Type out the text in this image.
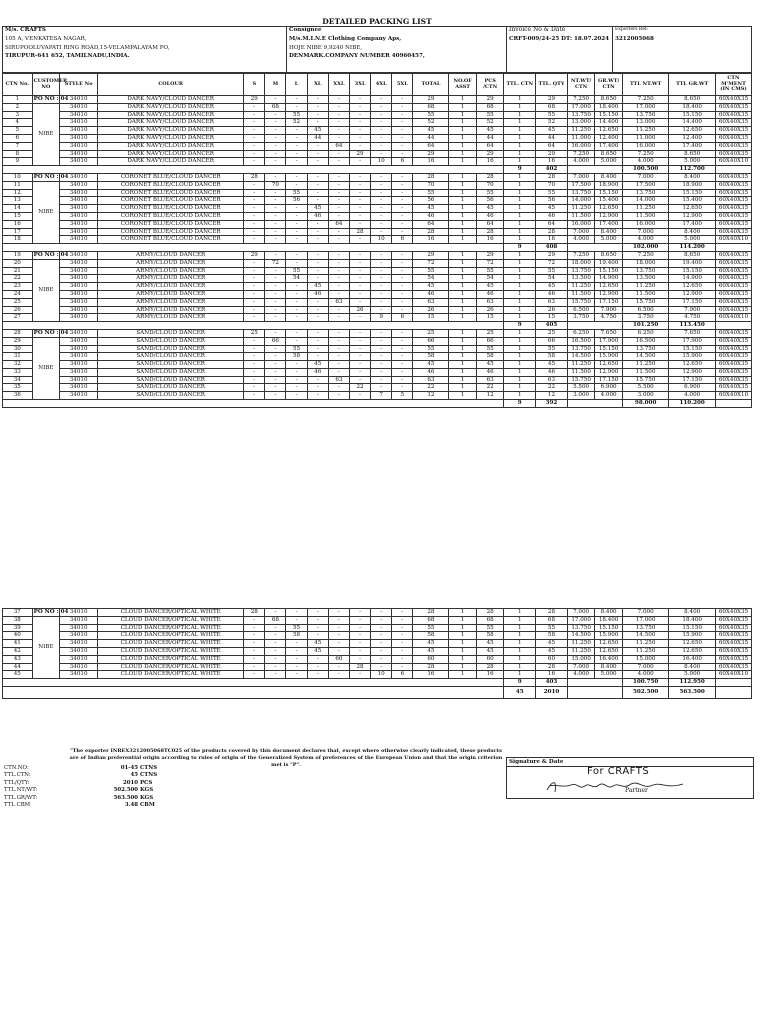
DETAILED PACKING LIST
M/s. CRAFTS
105 A, VENKATESA NAGAR,
SIRUPOOLUVAPATI RING ROAD,15-VELAMPALAYAM PO,
TIRUPUR-641 652, TAMILNADU,INDIA.
Consignee
M/s.M.I.N.E Clothing Company Aps,
HOJE NIBE 9,9240 NIBE,
DENMARK.COMPANY NUMBER 40960457,
Invoice No & Date
CRFT-009/24-25 DT: 18.07.2024
Exporters Ref:
3212005068
CTN No.	CUSTOMER NO	STYLE No	COLOUR	S	M	L	XL	XXL	3XL	4XL	5XL	TOTAL	NO.OF ASST	PCS /CTN	TTL. CTN	TTL. QTY	NT.WT/ CTN	GR.WT/ CTN	TTL NT.WT	TTL GR.WT	CTN M'MENT (IN CMS)
1	PO NO : 04	34010	DARK NAVY/CLOUD DANCER	29	-	-	-	-	-	-	-	29	1	29	1	29	7.250	8.650	7.250	8.650	60X40X35
2	NIBE	34010	DARK NAVY/CLOUD DANCER	-	68	-	-	-	-	-	-	68	1	68	1	68	17.000	18.400	17.000	18.400	60X40X35
3		34010	DARK NAVY/CLOUD DANCER	-	-	55	-	-	-	-	-	55	1	55	1	55	13.750	15.150	13.750	15.150	60X40X35
4		34010	DARK NAVY/CLOUD DANCER	-	-	52	-	-	-	-	-	52	1	52	1	52	13.000	14.400	13.000	14.400	60X40X35
5		34010	DARK NAVY/CLOUD DANCER	-	-	-	45	-	-	-	-	45	1	45	1	45	11.250	12.650	11.250	12.650	60X40X35
6		34010	DARK NAVY/CLOUD DANCER	-	-	-	44	-	-	-	-	44	1	44	1	44	11.000	12.400	11.000	12.400	60X40X35
7		34010	DARK NAVY/CLOUD DANCER	-	-	-	-	64	-	-	-	64	1	64	1	64	16.000	17.400	16.000	17.400	60X40X35
8		34010	DARK NAVY/CLOUD DANCER	-	-	-	-	-	29	-	-	29	1	29	1	29	7.250	8.650	7.250	8.650	60X40X35
9		34010	DARK NAVY/CLOUD DANCER	-	-	-	-	-	-	10	6	16	1	16	1	16	4.000	5.000	4.000	5.000	60X40X10
															9	402			100.500	112.700	
10	PO NO : 04	34010	CORONET BLUE/CLOUD DANCER	28	-	-	-	-	-	-	-	28	1	28	1	28	7.000	8.400	7.000	8.400	60X40X35
11	NIBE	34010	CORONET BLUE/CLOUD DANCER	-	70	-	-	-	-	-	-	70	1	70	1	70	17.500	18.900	17.500	18.900	60X40X35
12		34010	CORONET BLUE/CLOUD DANCER	-	-	55	-	-	-	-	-	55	1	55	1	55	13.750	15.150	13.750	15.150	60X40X35
13		34010	CORONET BLUE/CLOUD DANCER	-	-	56	-	-	-	-	-	56	1	56	1	56	14.000	15.400	14.000	15.400	60X40X35
14		34010	CORONET BLUE/CLOUD DANCER	-	-	-	45	-	-	-	-	45	1	45	1	45	11.250	12.650	11.250	12.650	60X40X35
15		34010	CORONET BLUE/CLOUD DANCER	-	-	-	46	-	-	-	-	46	1	46	1	46	11.500	12.900	11.500	12.900	60X40X35
16		34010	CORONET BLUE/CLOUD DANCER	-	-	-	-	64	-	-	-	64	1	64	1	64	16.000	17.400	16.000	17.400	60X40X35
17		34010	CORONET BLUE/CLOUD DANCER	-	-	-	-	-	28	-	-	28	1	28	1	28	7.000	8.400	7.000	8.400	60X40X35
18		34010	CORONET BLUE/CLOUD DANCER	-	-	-	-	-	-	10	6	16	1	16	1	16	4.000	5.000	4.000	5.000	60X40X10
															9	408			102.000	114.200	
19	PO NO : 04	34010	ARMY/CLOUD DANCER	29	-	-	-	-	-	-	-	29	1	29	1	29	7.250	8.650	7.250	8.650	60X40X35
20	NIBE	34010	ARMY/CLOUD DANCER	-	72	-	-	-	-	-	-	72	1	72	1	72	18.000	19.400	18.000	19.400	60X40X35
21		34010	ARMY/CLOUD DANCER	-	-	55	-	-	-	-	-	55	1	55	1	55	13.750	15.150	13.750	15.150	60X40X35
22		34010	ARMY/CLOUD DANCER	-	-	54	-	-	-	-	-	54	1	54	1	54	13.500	14.900	13.500	14.900	60X40X35
23		34010	ARMY/CLOUD DANCER	-	-	-	45	-	-	-	-	45	1	45	1	45	11.250	12.650	11.250	12.650	60X40X35
24		34010	ARMY/CLOUD DANCER	-	-	-	46	-	-	-	-	46	1	46	1	46	11.500	12.900	11.500	12.900	60X40X35
25		34010	ARMY/CLOUD DANCER	-	-	-	-	63	-	-	-	63	1	63	1	63	15.750	17.150	15.750	17.150	60X40X35
26		34010	ARMY/CLOUD DANCER	-	-	-	-	-	26	-	-	26	1	26	1	26	6.500	7.900	6.500	7.900	60X40X35
27		34010	ARMY/CLOUD DANCER	-	-	-	-	-	-	9	6	15	1	15	1	15	3.750	4.750	3.750	4.750	60X40X10
															9	405			101.250	113.450	
28	PO NO : 04	34010	SAND/CLOUD DANCER	25	-	-	-	-	-	-	-	25	1	25	1	25	6.250	7.650	6.250	7.650	60X40X35
29	NIBE	34010	SAND/CLOUD DANCER	-	66	-	-	-	-	-	-	66	1	66	1	66	16.500	17.900	16.500	17.900	60X40X35
30		34010	SAND/CLOUD DANCER	-	-	55	-	-	-	-	-	55	1	55	1	55	13.750	15.150	13.750	15.150	60X40X35
31		34010	SAND/CLOUD DANCER	-	-	58	-	-	-	-	-	58	1	58	1	58	14.500	15.900	14.500	15.900	60X40X35
32		34010	SAND/CLOUD DANCER	-	-	-	45	-	-	-	-	45	1	45	1	45	11.250	12.650	11.250	12.650	60X40X35
33		34010	SAND/CLOUD DANCER	-	-	-	46	-	-	-	-	46	1	46	1	46	11.500	12.900	11.500	12.900	60X40X35
34		34010	SAND/CLOUD DANCER	-	-	-	-	63	-	-	-	63	1	63	1	63	15.750	17.150	15.750	17.150	60X40X35
35		34010	SAND/CLOUD DANCER	-	-	-	-	-	22	-	-	22	1	22	1	22	5.500	6.900	5.500	6.900	60X40X35
36		34010	SAND/CLOUD DANCER	-	-	-	-	-	-	7	5	12	1	12	1	12	3.000	4.000	3.000	4.000	60X40X10
															9	392			98.000	110.200	
37	PO NO : 04	34010	CLOUD DANCER/OPTICAL WHITE	28	-	-	-	-	-	-	-	28	1	28	1	28	7.000	8.400	7.000	8.400	60X40X35
38	NIBE	34010	CLOUD DANCER/OPTICAL WHITE	-	68	-	-	-	-	-	-	68	1	68	1	68	17.000	18.400	17.000	18.400	60X40X35
39		34010	CLOUD DANCER/OPTICAL WHITE	-	-	55	-	-	-	-	-	55	1	55	1	55	13.750	15.150	13.750	15.150	60X40X35
40		34010	CLOUD DANCER/OPTICAL WHITE	-	-	58	-	-	-	-	-	58	1	58	1	58	14.500	15.900	14.500	15.900	60X40X35
41		34010	CLOUD DANCER/OPTICAL WHITE	-	-	-	45	-	-	-	-	45	1	45	1	45	11.250	12.650	11.250	12.650	60X40X35
42		34010	CLOUD DANCER/OPTICAL WHITE	-	-	-	45	-	-	-	-	45	1	45	1	45	11.250	12.650	11.250	12.650	60X40X35
43		34010	CLOUD DANCER/OPTICAL WHITE	-	-	-	-	60	-	-	-	60	1	60	1	60	15.000	16.400	15.000	16.400	60X40X35
44		34010	CLOUD DANCER/OPTICAL WHITE	-	-	-	-	-	28	-	-	28	1	28	1	28	7.000	8.400	7.000	8.400	60X40X35
45		34010	CLOUD DANCER/OPTICAL WHITE	-	-	-	-	-	-	10	6	16	1	16	1	16	4.000	5.000	4.000	5.000	60X40X10
															9	403			100.750	112.950	
															45	2010			502.500	563.500	
"The exporter INREX3212005068TC025 of the products covered by this document declares that, except where otherwise clearly indicated, these products are of Indian preferential origin according to rules of origin of the Generalized System of preferences of the European Union and that the origin criterion met is "P".
CTN.NO:	01-45 CTNS
TTL.CTN:	45 CTNS
TTL/QTY:	2010 PCS
TTL.NT/WT:	502.500 KGS
TTL.GR/WT:	563.500 KGS
TTL CBM	3.48 CBM
Signature & Date
For CRAFTS
Partner
